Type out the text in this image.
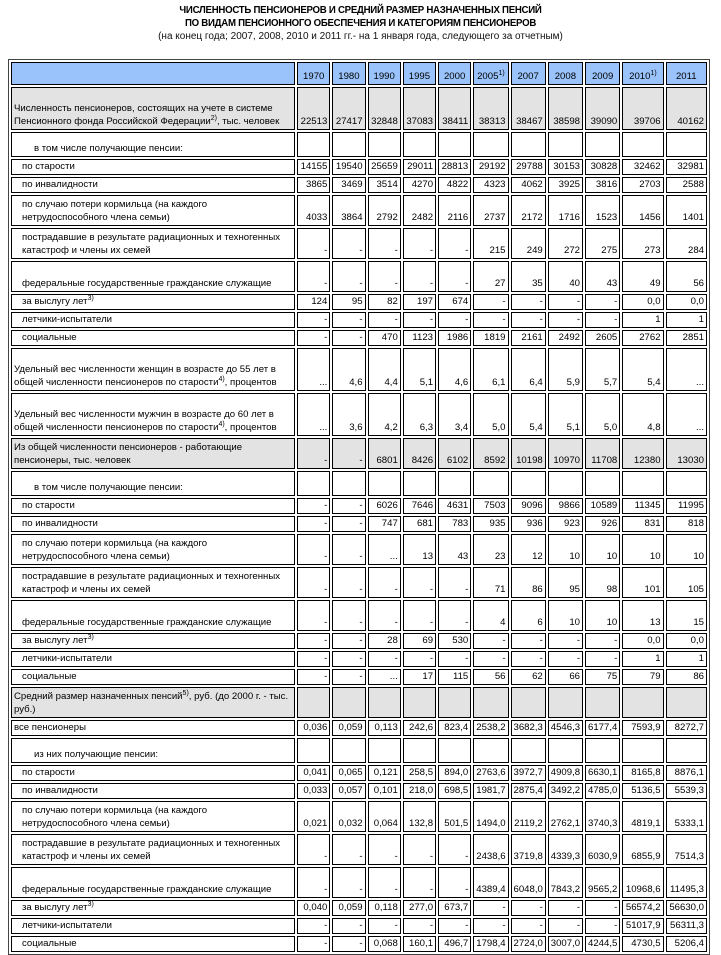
ЧИСЛЕННОСТЬ ПЕНСИОНЕРОВ И СРЕДНИЙ РАЗМЕР НАЗНАЧЕННЫХ ПЕНСИЙ
ПО ВИДАМ ПЕНСИОННОГО ОБЕСПЕЧЕНИЯ И КАТЕГОРИЯМ ПЕНСИОНЕРОВ
(на конец года; 2007, 2008, 2010 и 2011 гг.- на 1 января года, следующего за отчетным)
	1970	1980	1990	1995	2000	2005$^{1)}$	2007	2008	2009	2010$^{1)}$	2011
Численность пенсионеров, состоящих на учете в системе Пенсионного фонда Российской Федерации$^{2)}$, тыс. человек	22513	27417	32848	37083	38411	38313	38467	38598	39090	39706	40162
в том числе получающие пенсии:											
по старости	14155	19540	25659	29011	28813	29192	29788	30153	30828	32462	32981
по инвалидности	3865	3469	3514	4270	4822	4323	4062	3925	3816	2703	2588
по случаю потери кормильца (на каждого нетрудоспособного члена семьи)	4033	3864	2792	2482	2116	2737	2172	1716	1523	1456	1401
пострадавшие в результате радиационных и техногенных катастроф и члены их семей	-	-	-	-	-	215	249	272	275	273	284
федеральные государственные гражданские служащие	-	-	-	-	-	27	35	40	43	49	56
за выслугу лет$^{3)}$	124	95	82	197	674	-	-	-	-	0,0	0,0
летчики-испытатели	-	-	-	-	-	-	-	-	-	1	1
социальные	-	-	470	1123	1986	1819	2161	2492	2605	2762	2851
Удельный вес численности женщин в возрасте до 55 лет в общей численности пенсионеров по старости$^{4)}$, процентов	...	4,6	4,4	5,1	4,6	6,1	6,4	5,9	5,7	5,4	...
Удельный вес численности мужчин в возрасте до 60 лет в общей численности пенсионеров по старости$^{4)}$, процентов	...	3,6	4,2	6,3	3,4	5,0	5,4	5,1	5,0	4,8	...
Из общей численности пенсионеров - работающие пенсионеры, тыс. человек	-	-	6801	8426	6102	8592	10198	10970	11708	12380	13030
в том числе получающие пенсии:											
по старости	-	-	6026	7646	4631	7503	9096	9866	10589	11345	11995
по инвалидности	-	-	747	681	783	935	936	923	926	831	818
по случаю потери кормильца (на каждого нетрудоспособного члена семьи)	-	-	...	13	43	23	12	10	10	10	10
пострадавшие в результате радиационных и техногенных катастроф и члены их семей	-	-	-	-	-	71	86	95	98	101	105
федеральные государственные гражданские служащие	-	-	-	-	-	4	6	10	10	13	15
за выслугу лет$^{3)}$	-	-	28	69	530	-	-	-	-	0,0	0,0
летчики-испытатели	-	-	-	-	-	-	-	-	-	1	1
социальные	-	-	...	17	115	56	62	66	75	79	86
Средний размер назначенных пенсий$^{5)}$, руб. (до 2000 г. - тыс. руб.)											
все пенсионеры	0,036	0,059	0,113	242,6	823,4	2538,2	3682,3	4546,3	6177,4	7593,9	8272,7
из них получающие пенсии:											
по старости	0,041	0,065	0,121	258,5	894,0	2763,6	3972,7	4909,8	6630,1	8165,8	8876,1
по инвалидности	0,033	0,057	0,101	218,0	698,5	1981,7	2875,4	3492,2	4785,0	5136,5	5539,3
по случаю потери кормильца (на каждого нетрудоспособного члена семьи)	0,021	0,032	0,064	132,8	501,5	1494,0	2119,2	2762,1	3740,3	4819,1	5333,1
пострадавшие в результате радиационных и техногенных катастроф и члены их семей	-	-	-	-	-	2438,6	3719,8	4339,3	6030,9	6855,9	7514,3
федеральные государственные гражданские служащие	-	-	-	-	-	4389,4	6048,0	7843,2	9565,2	10968,6	11495,3
за выслугу лет$^{3)}$	0,040	0,059	0,118	277,0	673,7	-	-	-	-	56574,2	56630,0
летчики-испытатели	-	-	-	-	-	-	-	-	-	51017,9	56311,3
социальные	-	-	0,068	160,1	496,7	1798,4	2724,0	3007,0	4244,5	4730,5	5206,4
